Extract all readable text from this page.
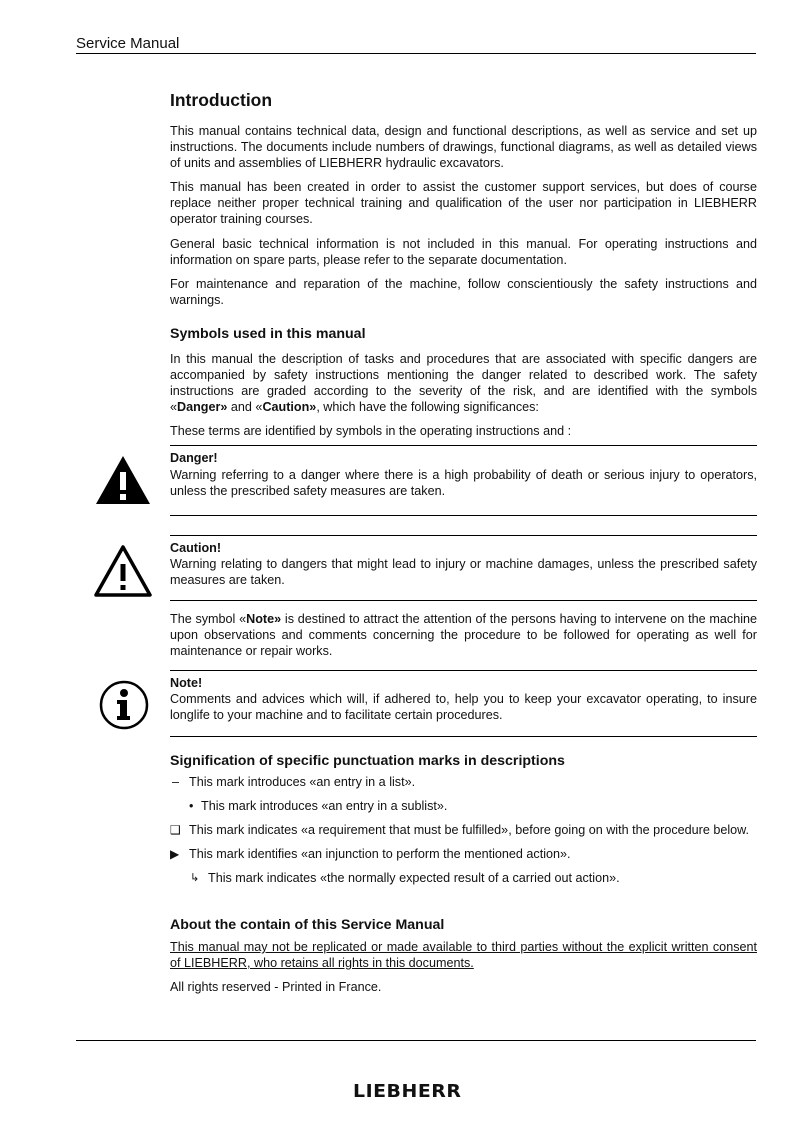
Service Manual
Introduction

This manual contains technical data, design and functional descriptions, as well as service and set up instructions. The documents include numbers of drawings, functional diagrams, as well as detailed views of units and assemblies of LIEBHERR hydraulic excavators.

This manual has been created in order to assist the customer support services, but does of course replace neither proper technical training and qualification of the user nor participation in LIEBHERR operator training courses.

General basic technical information is not included in this manual. For operating instructions and information on spare parts, please refer to the separate documentation.

For maintenance and reparation of the machine, follow conscientiously the safety instructions and warnings.

Symbols used in this manual

In this manual the description of tasks and procedures that are associated with specific dangers are accompanied by safety instructions mentioning the danger related to described work. The safety instructions are graded according to the severity of the risk, and are identified with the symbols «Danger» and «Caution», which have the following significances:

These terms are identified by symbols in the operating instructions and :

Danger!
Warning referring to a danger where there is a high probability of death or serious injury to operators, unless the prescribed safety measures are taken.
Caution!
Warning relating to dangers that might lead to injury or machine damages, unless the prescribed safety measures are taken.

The symbol «Note» is destined to attract the attention of the persons having to intervene on the machine upon observations and comments concerning the procedure to be followed for operating as well for maintenance or repair works.

Note!
Comments and advices which will, if adhered to, help you to keep your excavator operating, to insure longlife to your machine and to facilitate certain procedures.
Signification of specific punctuation marks in descriptions
– This mark introduces «an entry in a list».
• This mark introduces «an entry in a sublist».
❑ This mark indicates «a requirement that must be fulfilled», before going on with the procedure below.
▶ This mark identifies «an injunction to perform the mentioned action».
↳ This mark indicates «the normally expected result of a carried out action».
About the contain of this Service Manual

This manual may not be replicated or made available to third parties without the explicit written consent of LIEBHERR, who retains all rights in this documents.

All rights reserved - Printed in France.

LIEBHERR
